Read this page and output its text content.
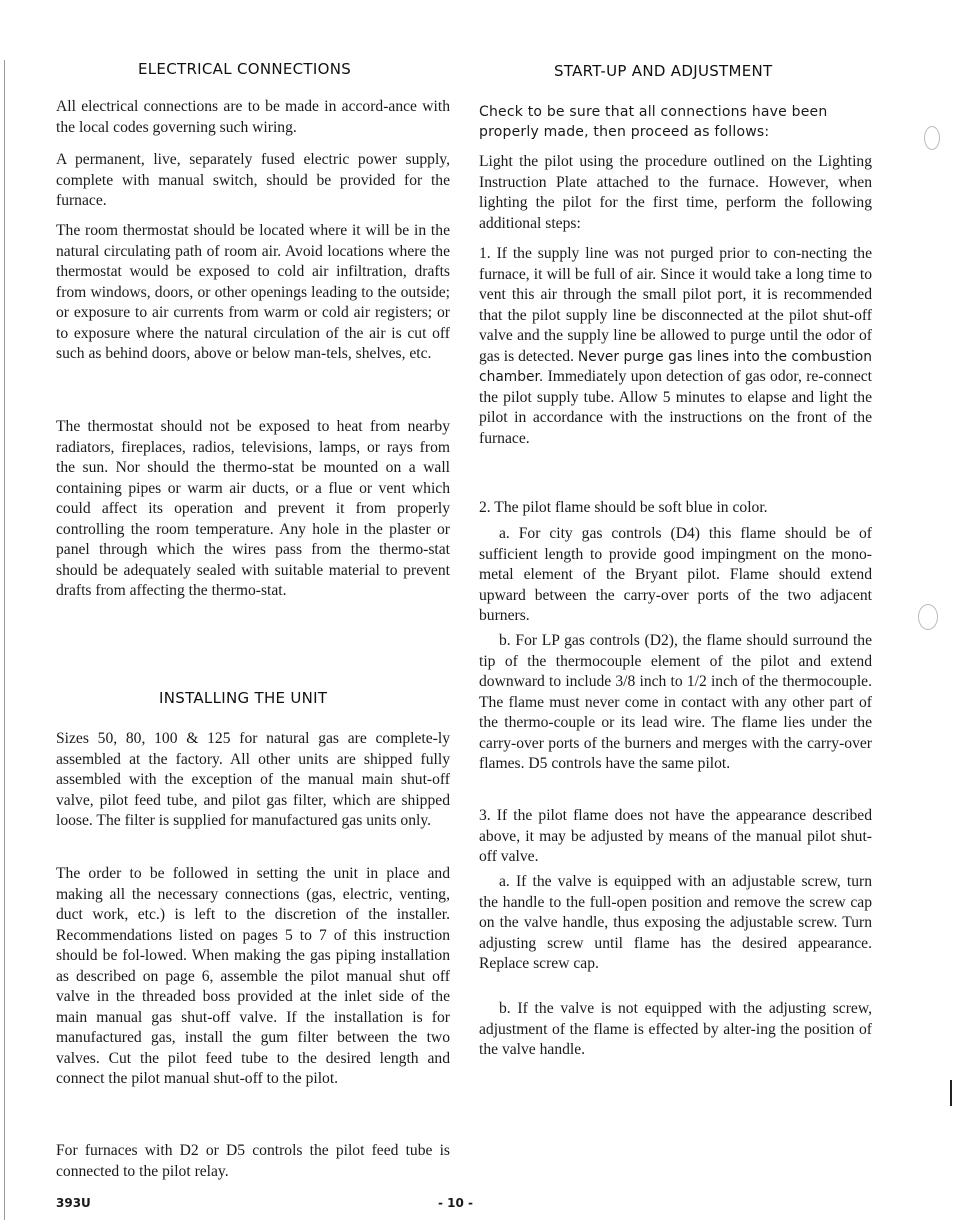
ELECTRICAL CONNECTIONS

All electrical connections are to be made in accord-ance with the local codes governing such wiring.

A permanent, live, separately fused electric power supply, complete with manual switch, should be provided for the furnace.

The room thermostat should be located where it will be in the natural circulating path of room air. Avoid locations where the thermostat would be exposed to cold air infiltration, drafts from windows, doors, or other openings leading to the outside; or exposure to air currents from warm or cold air registers; or to exposure where the natural circulation of the air is cut off such as behind doors, above or below man-tels, shelves, etc.

The thermostat should not be exposed to heat from nearby radiators, fireplaces, radios, televisions, lamps, or rays from the sun. Nor should the thermo-stat be mounted on a wall containing pipes or warm air ducts, or a flue or vent which could affect its operation and prevent it from properly controlling the room temperature. Any hole in the plaster or panel through which the wires pass from the thermo-stat should be adequately sealed with suitable material to prevent drafts from affecting the thermo-stat.

INSTALLING THE UNIT

Sizes 50, 80, 100 & 125 for natural gas are complete-ly assembled at the factory. All other units are shipped fully assembled with the exception of the manual main shut-off valve, pilot feed tube, and pilot gas filter, which are shipped loose. The filter is supplied for manufactured gas units only.

The order to be followed in setting the unit in place and making all the necessary connections (gas, electric, venting, duct work, etc.) is left to the discretion of the installer. Recommendations listed on pages 5 to 7 of this instruction should be fol-lowed. When making the gas piping installation as described on page 6, assemble the pilot manual shut off valve in the threaded boss provided at the inlet side of the main manual gas shut-off valve. If the installation is for manufactured gas, install the gum filter between the two valves. Cut the pilot feed tube to the desired length and connect the pilot manual shut-off to the pilot.

For furnaces with D2 or D5 controls the pilot feed tube is connected to the pilot relay.

START-UP AND ADJUSTMENT

Check to be sure that all connections have been properly made, then proceed as follows:

Light the pilot using the procedure outlined on the Lighting Instruction Plate attached to the furnace. However, when lighting the pilot for the first time, perform the following additional steps:

1. If the supply line was not purged prior to con-necting the furnace, it will be full of air. Since it would take a long time to vent this air through the small pilot port, it is recommended that the pilot supply line be disconnected at the pilot shut-off valve and the supply line be allowed to purge until the odor of gas is detected. Never purge gas lines into the combustion chamber. Immediately upon detection of gas odor, re-connect the pilot supply tube. Allow 5 minutes to elapse and light the pilot in accordance with the instructions on the front of the furnace.

2. The pilot flame should be soft blue in color.

a. For city gas controls (D4) this flame should be of sufficient length to provide good impingment on the mono-metal element of the Bryant pilot. Flame should extend upward between the carry-over ports of the two adjacent burners.

b. For LP gas controls (D2), the flame should surround the tip of the thermocouple element of the pilot and extend downward to include 3/8 inch to 1/2 inch of the thermocouple. The flame must never come in contact with any other part of the thermo-couple or its lead wire. The flame lies under the carry-over ports of the burners and merges with the carry-over flames. D5 controls have the same pilot.

3. If the pilot flame does not have the appearance described above, it may be adjusted by means of the manual pilot shut-off valve.

a. If the valve is equipped with an adjustable screw, turn the handle to the full-open position and remove the screw cap on the valve handle, thus exposing the adjustable screw. Turn adjusting screw until flame has the desired appearance. Replace screw cap.

b. If the valve is not equipped with the adjusting screw, adjustment of the flame is effected by alter-ing the position of the valve handle.

393U	- 10 -
